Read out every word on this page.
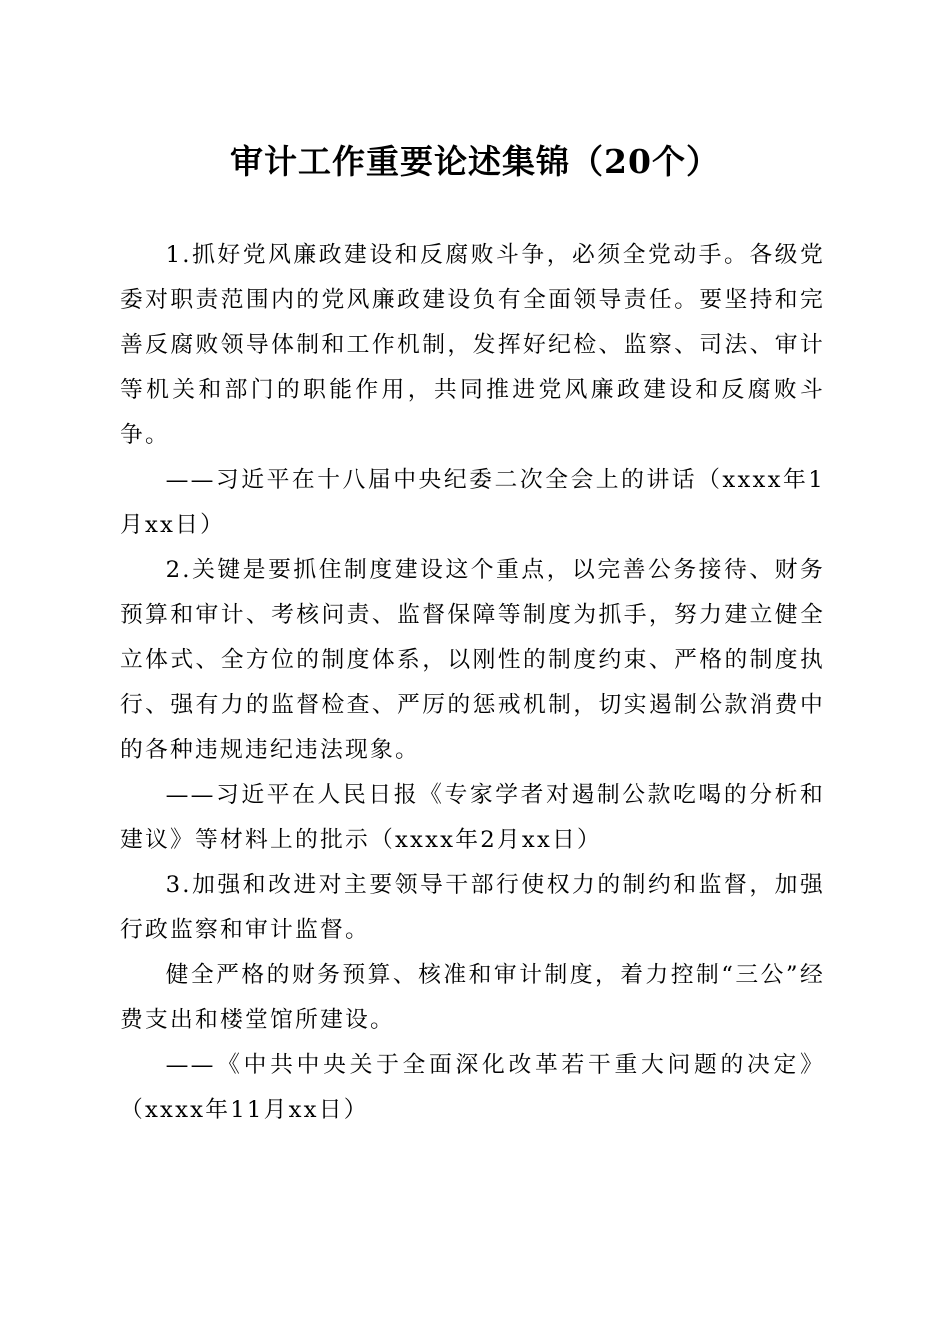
审计工作重要论述集锦（20个）

1.抓好党风廉政建设和反腐败斗争，必须全党动手。各级党委对职责范围内的党风廉政建设负有全面领导责任。要坚持和完善反腐败领导体制和工作机制，发挥好纪检、监察、司法、审计等机关和部门的职能作用，共同推进党风廉政建设和反腐败斗争。

——习近平在十八届中央纪委二次全会上的讲话（xxxx年1月xx日）

2.关键是要抓住制度建设这个重点，以完善公务接待、财务预算和审计、考核问责、监督保障等制度为抓手，努力建立健全立体式、全方位的制度体系，以刚性的制度约束、严格的制度执行、强有力的监督检查、严厉的惩戒机制，切实遏制公款消费中的各种违规违纪违法现象。

——习近平在人民日报《专家学者对遏制公款吃喝的分析和建议》等材料上的批示（xxxx年2月xx日）

3.加强和改进对主要领导干部行使权力的制约和监督，加强行政监察和审计监督。

健全严格的财务预算、核准和审计制度，着力控制“三公”经费支出和楼堂馆所建设。

——《中共中央关于全面深化改革若干重大问题的决定》（xxxx年11月xx日）
